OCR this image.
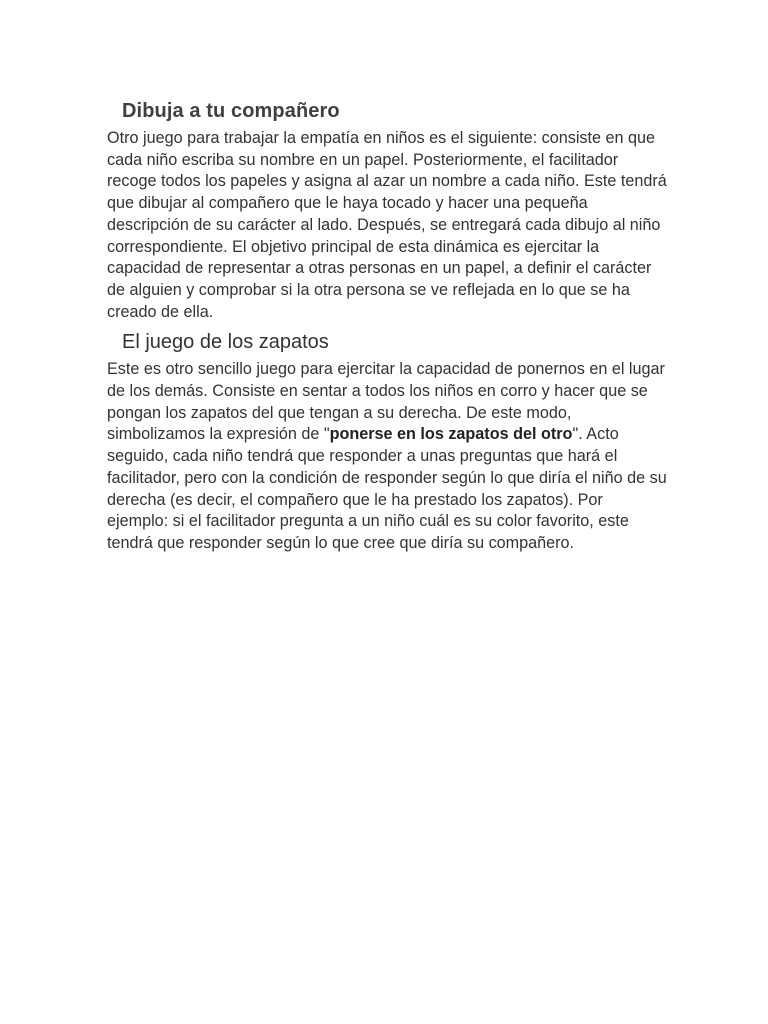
Dibuja a tu compañero

Otro juego para trabajar la empatía en niños es el siguiente: consiste en que cada niño escriba su nombre en un papel. Posteriormente, el facilitador recoge todos los papeles y asigna al azar un nombre a cada niño. Este tendrá que dibujar al compañero que le haya tocado y hacer una pequeña descripción de su carácter al lado. Después, se entregará cada dibujo al niño correspondiente. El objetivo principal de esta dinámica es ejercitar la capacidad de representar a otras personas en un papel, a definir el carácter de alguien y comprobar si la otra persona se ve reflejada en lo que se ha creado de ella.

El juego de los zapatos

Este es otro sencillo juego para ejercitar la capacidad de ponernos en el lugar de los demás. Consiste en sentar a todos los niños en corro y hacer que se pongan los zapatos del que tengan a su derecha. De este modo, simbolizamos la expresión de "ponerse en los zapatos del otro". Acto seguido, cada niño tendrá que responder a unas preguntas que hará el facilitador, pero con la condición de responder según lo que diría el niño de su derecha (es decir, el compañero que le ha prestado los zapatos). Por ejemplo: si el facilitador pregunta a un niño cuál es su color favorito, este tendrá que responder según lo que cree que diría su compañero.
